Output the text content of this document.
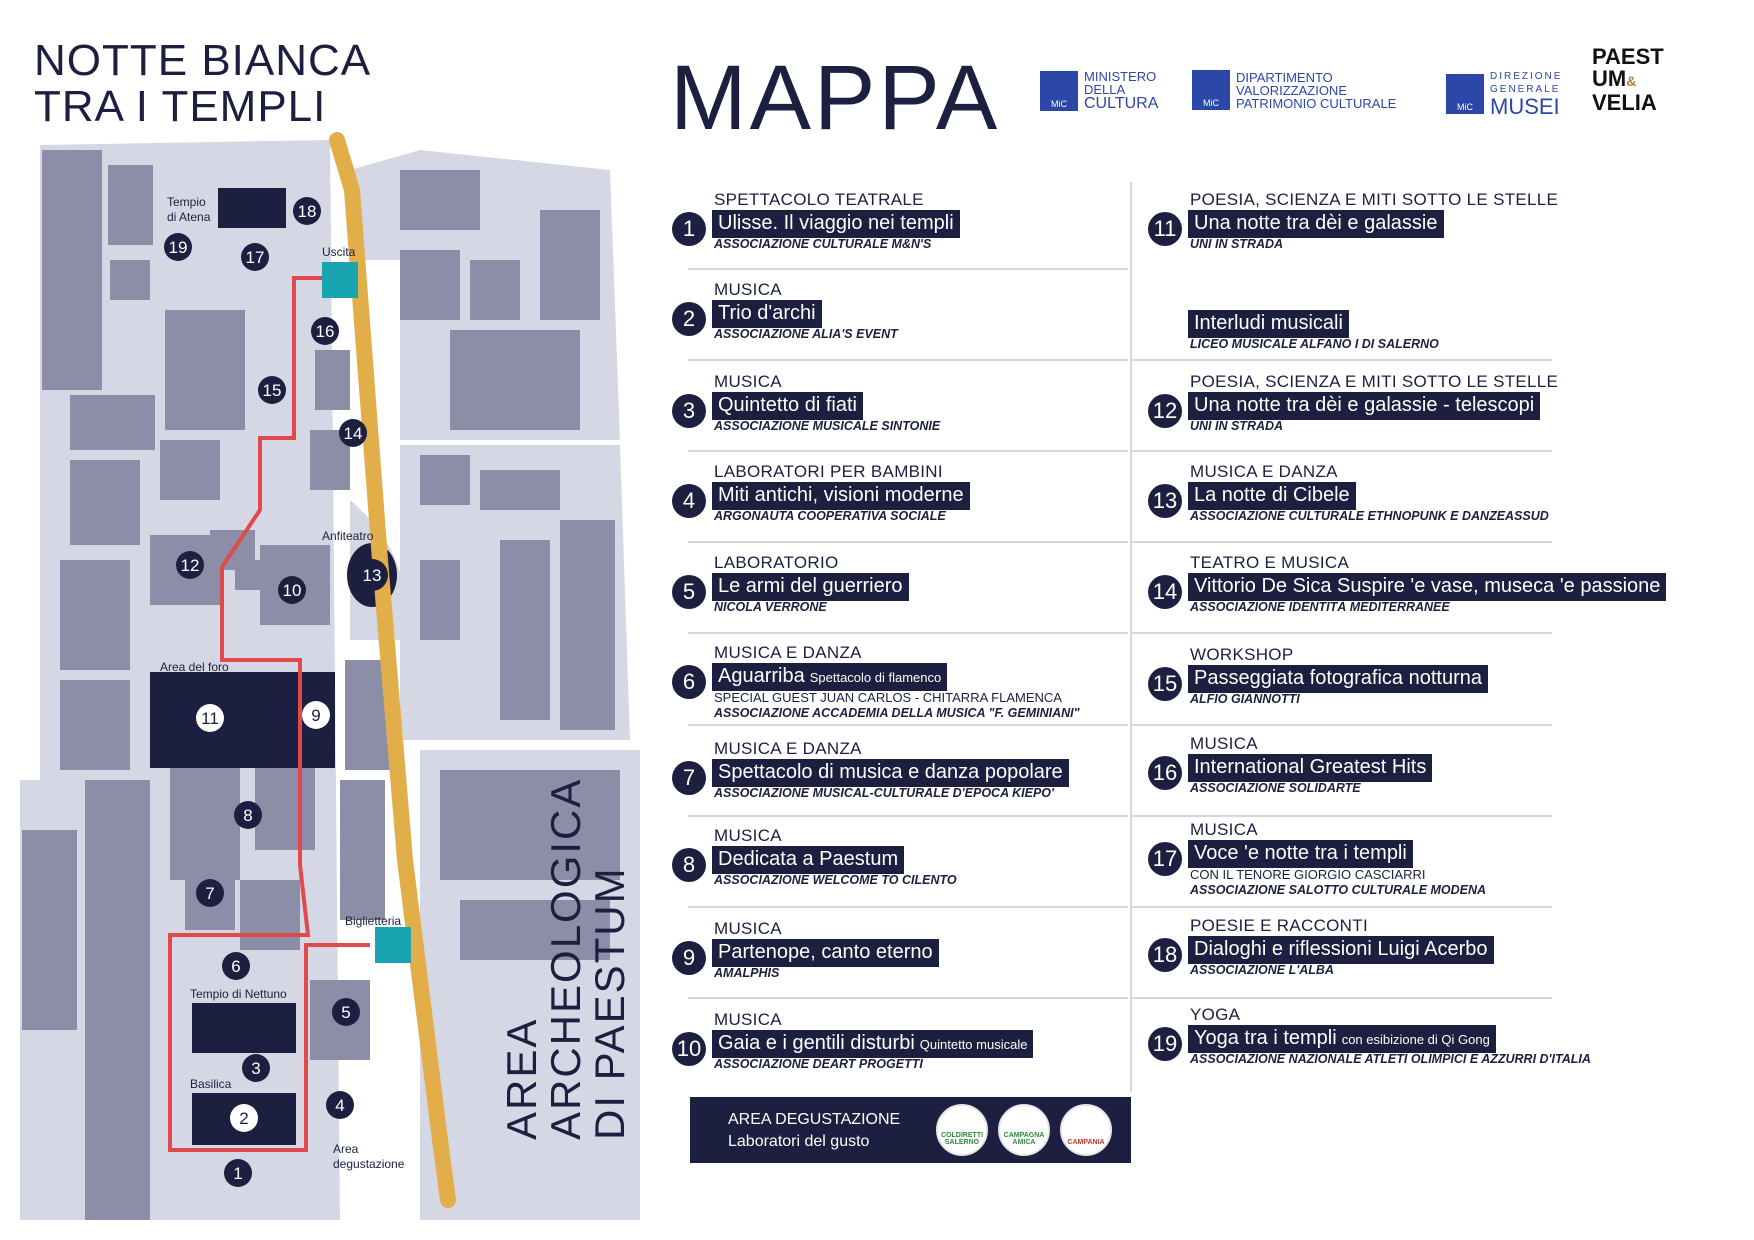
NOTTE BIANCA
TRA I TEMPLI	MAPPA	MiC
MINISTERO
DELLA
CULTURA	MiC
DIPARTIMENTO
VALORIZZAZIONE
PATRIMONIO CULTURALE	MiC
DIREZIONE
GENERALE
MUSEI
PAEST
UM&
VELIA
Tempio
di Atena
Uscita
Anfiteatro
Area del foro
Biglietteria
Tempio di Nettuno
Basilica
Area
degustazione
AREA
ARCHEOLOGICA
DI PAESTUM
1
2
3
4
5
6
7
8
9
10
11
12
13
14
15
16
17
18
19
AREA DEGUSTAZIONE
Laboratori del gusto	COLDIRETTI SALERNO
CAMPAGNA AMICA	CAMPANIA
1
SPETTACOLO TEATRALE
Ulisse. Il viaggio nei templi
ASSOCIAZIONE CULTURALE M&N'S
2
MUSICA
Trio d'archi
ASSOCIAZIONE ALIA'S EVENT
3
MUSICA
Quintetto di fiati
ASSOCIAZIONE MUSICALE SINTONIE
4
LABORATORI PER BAMBINI
Miti antichi, visioni moderne
ARGONAUTA COOPERATIVA SOCIALE
5
LABORATORIO
Le armi del guerriero
NICOLA VERRONE
6
MUSICA E DANZA
Aguarriba Spettacolo di flamenco
SPECIAL GUEST JUAN CARLOS - CHITARRA FLAMENCA
ASSOCIAZIONE ACCADEMIA DELLA MUSICA "F. GEMINIANI"
7
MUSICA E DANZA
Spettacolo di musica e danza popolare
ASSOCIAZIONE MUSICAL-CULTURALE D'EPOCA KIEPO'
8
MUSICA
Dedicata a Paestum
ASSOCIAZIONE WELCOME TO CILENTO
9
MUSICA
Partenope, canto eterno
AMALPHIS
10
MUSICA
Gaia e i gentili disturbi Quintetto musicale
ASSOCIAZIONE DEART PROGETTI
11
POESIA, SCIENZA E MITI SOTTO LE STELLE
Una notte tra dèi e galassie
UNI IN STRADA
Interludi musicali
LICEO MUSICALE ALFANO I DI SALERNO
12
POESIA, SCIENZA E MITI SOTTO LE STELLE
Una notte tra dèi e galassie - telescopi
UNI IN STRADA
13
MUSICA E DANZA
La notte di Cibele
ASSOCIAZIONE CULTURALE ETHNOPUNK E DANZEASSUD
14
TEATRO E MUSICA
Vittorio De Sica Suspire 'e vase, museca 'e passione
ASSOCIAZIONE IDENTITÀ MEDITERRANEE
15
WORKSHOP
Passeggiata fotografica notturna
ALFIO GIANNOTTI
16
MUSICA
International Greatest Hits
ASSOCIAZIONE SOLIDARTE
17
MUSICA
Voce 'e notte tra i templi
CON IL TENORE GIORGIO CASCIARRI
ASSOCIAZIONE SALOTTO CULTURALE MODENA
18
POESIE E RACCONTI
Dialoghi e riflessioni Luigi Acerbo
ASSOCIAZIONE L'ALBA
19
YOGA
Yoga tra i templi con esibizione di Qi Gong
ASSOCIAZIONE NAZIONALE ATLETI OLIMPICI E AZZURRI D'ITALIA
